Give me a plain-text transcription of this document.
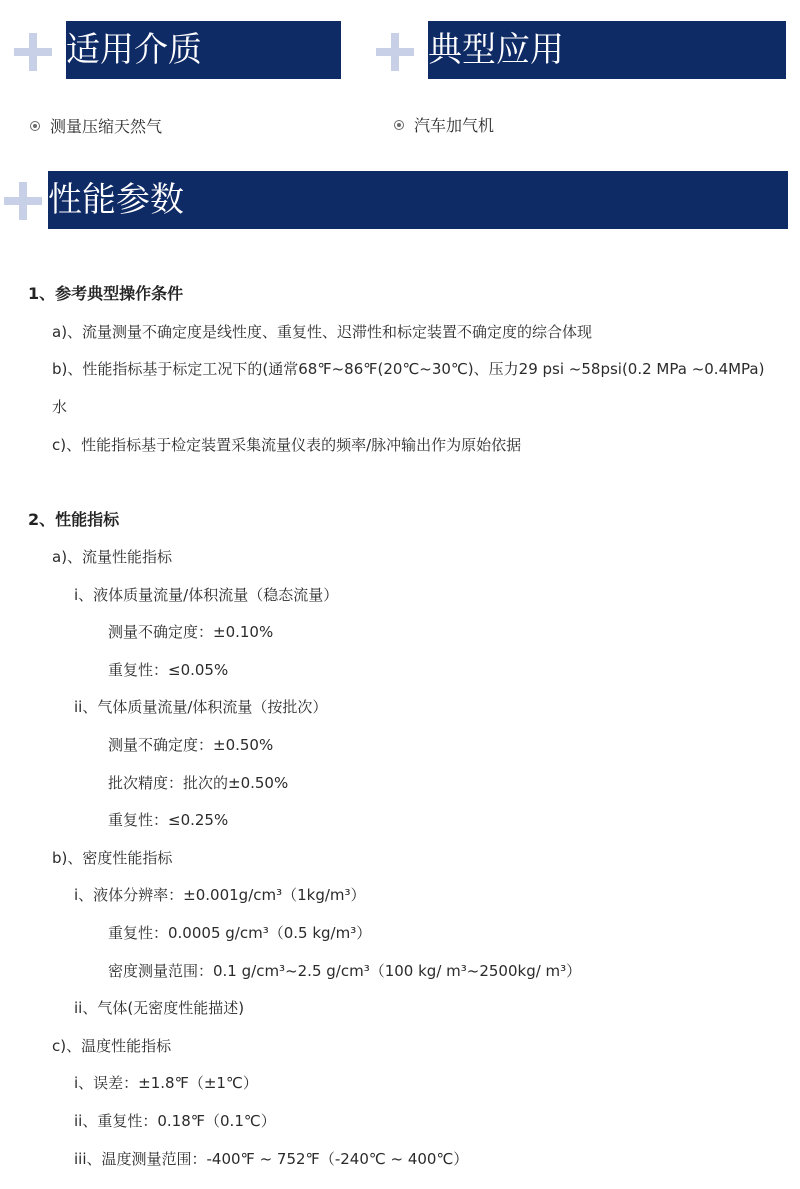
适用介质	典型应用
测量压缩天然气	汽车加气机
性能参数
1、参考典型操作条件
a)、流量测量不确定度是线性度、重复性、迟滞性和标定装置不确定度的综合体现
b)、性能指标基于标定工况下的(通常68℉~86℉(20℃~30℃)、压力29 psi ~58psi(0.2 MPa ~0.4MPa)
水
c)、性能指标基于检定装置采集流量仪表的频率/脉冲输出作为原始依据
2、性能指标
a)、流量性能指标
i、液体质量流量/体积流量（稳态流量）
测量不确定度：±0.10%
重复性：≤0.05%
ii、气体质量流量/体积流量（按批次）
测量不确定度：±0.50%
批次精度：批次的±0.50%
重复性：≤0.25%
b)、密度性能指标
i、液体分辨率：±0.001g/cm³（1kg/m³）
重复性：0.0005 g/cm³（0.5 kg/m³）
密度测量范围：0.1 g/cm³~2.5 g/cm³（100 kg/ m³~2500kg/ m³）
ii、气体(无密度性能描述)
c)、温度性能指标
i、误差：±1.8℉（±1℃）
ii、重复性：0.18℉（0.1℃）
iii、温度测量范围：-400℉ ~ 752℉（-240℃ ~ 400℃）
